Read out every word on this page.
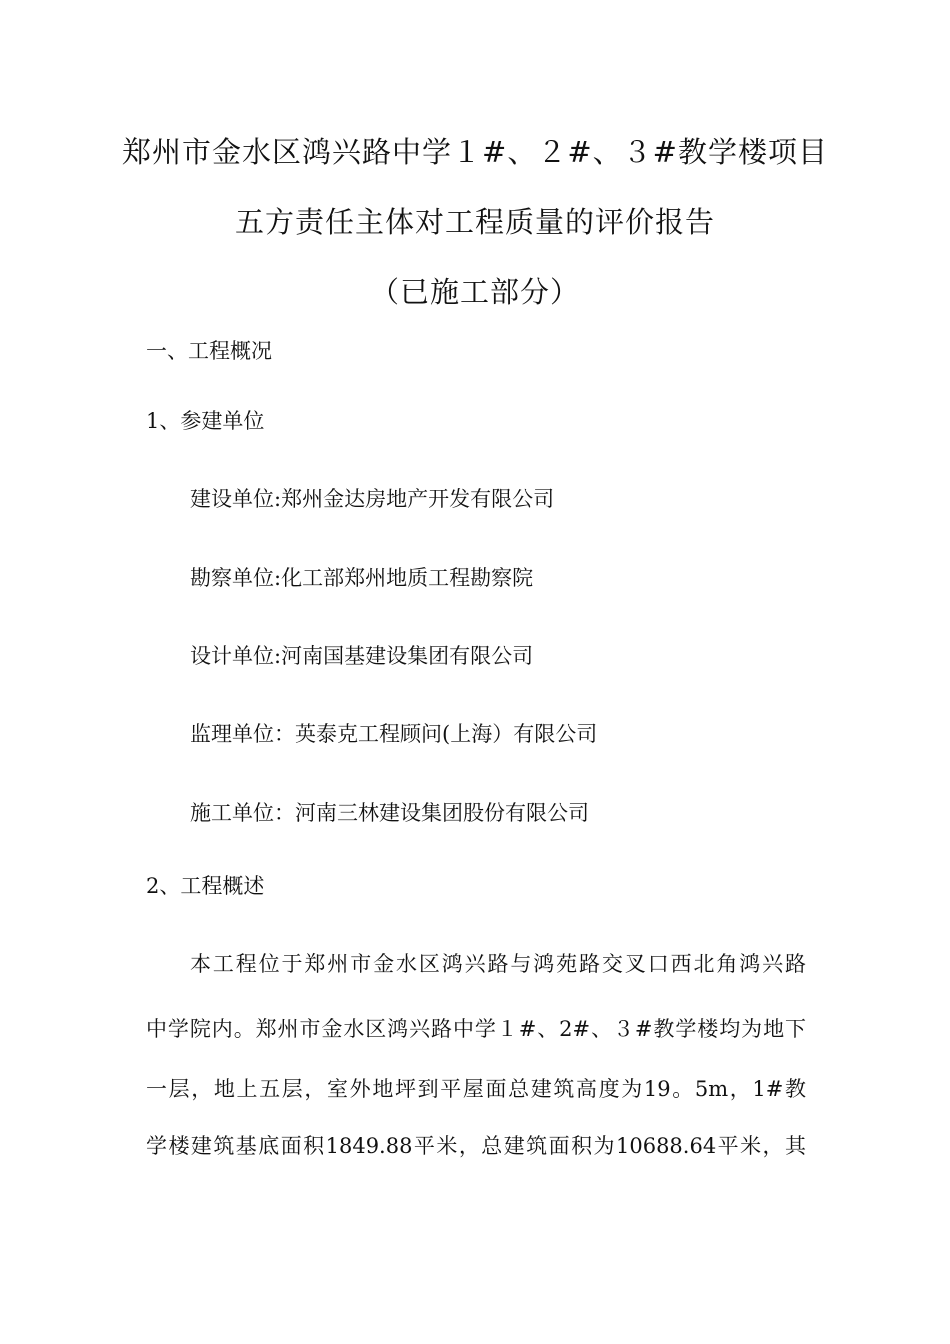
郑州市金水区鸿兴路中学１#、２#、３#教学楼项目
五方责任主体对工程质量的评价报告
（已施工部分）
一、工程概况
1、参建单位
建设单位:郑州金达房地产开发有限公司
勘察单位:化工部郑州地质工程勘察院
设计单位:河南国基建设集团有限公司
监理单位：英泰克工程顾问(上海）有限公司
施工单位：河南三林建设集团股份有限公司
2、工程概述
本工程位于郑州市金水区鸿兴路与鸿苑路交叉口西北角鸿兴路
中学院内。郑州市金水区鸿兴路中学１#、2#、３#教学楼均为地下
一层，地上五层，室外地坪到平屋面总建筑高度为19。5m，1#教
学楼建筑基底面积1849.88平米，总建筑面积为10688.64平米，其
